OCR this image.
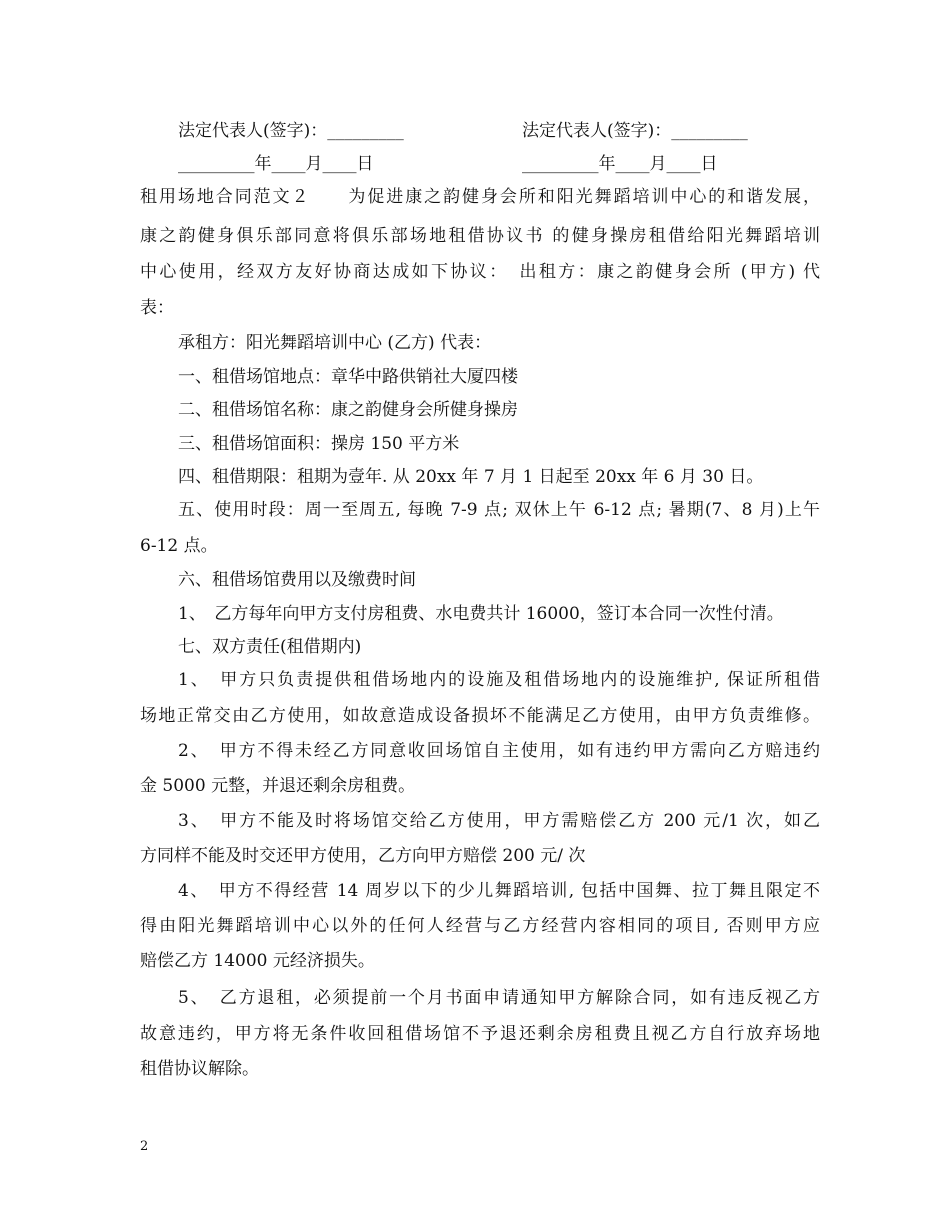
法定代表人(签字)：_________	法定代表人(签字)：_________
_________年____月____日	_________年____月____日
租用场地合同范文２　　为促进康之韵健身会所和阳光舞蹈培训中心的和谐发展，
康之韵健身俱乐部同意将俱乐部场地租借协议书 的健身操房租借给阳光舞蹈培训
中心使用，经双方友好协商达成如下协议：　出租方：康之韵健身会所 (甲方) 代
表：
承租方：阳光舞蹈培训中心 (乙方) 代表：
一、租借场馆地点：章华中路供销社大厦四楼
二、租借场馆名称：康之韵健身会所健身操房
三、租借场馆面积：操房 150 平方米
四、租借期限：租期为壹年. 从 20xx 年 7 月 1 日起至 20xx 年 6 月 30 日。
五、使用时段：周一至周五, 每晚 7-9 点; 双休上午 6-12 点; 暑期(7、8 月)上午
6-12 点。
六、租借场馆费用以及缴费时间
1、　乙方每年向甲方支付房租费、水电费共计 16000，签订本合同一次性付清。
七、双方责任(租借期内)
1、　甲方只负责提供租借场地内的设施及租借场地内的设施维护, 保证所租借
场地正常交由乙方使用，如故意造成设备损坏不能满足乙方使用，由甲方负责维修。
2、　甲方不得未经乙方同意收回场馆自主使用，如有违约甲方需向乙方赔违约
金 5000 元整，并退还剩余房租费。
3、　甲方不能及时将场馆交给乙方使用，甲方需赔偿乙方 200 元/1 次，如乙
方同样不能及时交还甲方使用，乙方向甲方赔偿 200 元/ 次
4、　甲方不得经营 14 周岁以下的少儿舞蹈培训, 包括中国舞、拉丁舞且限定不
得由阳光舞蹈培训中心以外的任何人经营与乙方经营内容相同的项目, 否则甲方应
赔偿乙方 14000 元经济损失。
5、　乙方退租，必须提前一个月书面申请通知甲方解除合同，如有违反视乙方
故意违约，甲方将无条件收回租借场馆不予退还剩余房租费且视乙方自行放弃场地
租借协议解除。
2
